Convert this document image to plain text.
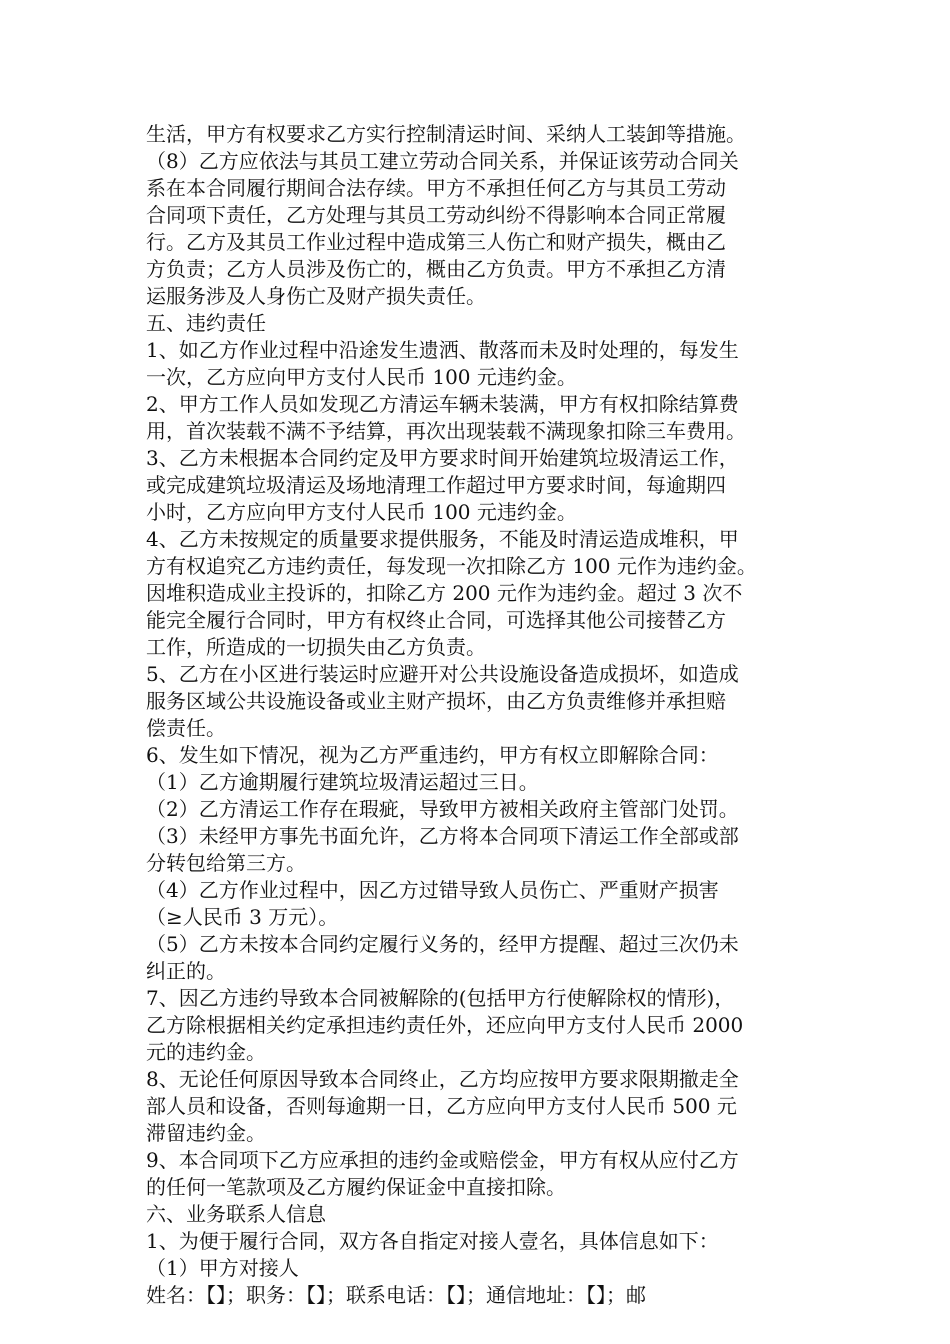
生活，甲方有权要求乙方实行控制清运时间、采纳人工装卸等措施。
（8）乙方应依法与其员工建立劳动合同关系，并保证该劳动合同关
系在本合同履行期间合法存续。甲方不承担任何乙方与其员工劳动
合同项下责任，乙方处理与其员工劳动纠纷不得影响本合同正常履
行。乙方及其员工作业过程中造成第三人伤亡和财产损失，概由乙
方负责；乙方人员涉及伤亡的，概由乙方负责。甲方不承担乙方清
运服务涉及人身伤亡及财产损失责任。
五、违约责任
1、如乙方作业过程中沿途发生遗洒、散落而未及时处理的，每发生
一次，乙方应向甲方支付人民币 100 元违约金。
2、甲方工作人员如发现乙方清运车辆未装满，甲方有权扣除结算费
用，首次装载不满不予结算，再次出现装载不满现象扣除三车费用。
3、乙方未根据本合同约定及甲方要求时间开始建筑垃圾清运工作，
或完成建筑垃圾清运及场地清理工作超过甲方要求时间，每逾期四
小时，乙方应向甲方支付人民币 100 元违约金。
4、乙方未按规定的质量要求提供服务，不能及时清运造成堆积，甲
方有权追究乙方违约责任，每发现一次扣除乙方 100 元作为违约金。
因堆积造成业主投诉的，扣除乙方 200 元作为违约金。超过 3 次不
能完全履行合同时，甲方有权终止合同，可选择其他公司接替乙方
工作，所造成的一切损失由乙方负责。
5、乙方在小区进行装运时应避开对公共设施设备造成损坏，如造成
服务区域公共设施设备或业主财产损坏，由乙方负责维修并承担赔
偿责任。
6、发生如下情况，视为乙方严重违约，甲方有权立即解除合同：
（1）乙方逾期履行建筑垃圾清运超过三日。
（2）乙方清运工作存在瑕疵，导致甲方被相关政府主管部门处罚。
（3）未经甲方事先书面允许，乙方将本合同项下清运工作全部或部
分转包给第三方。
（4）乙方作业过程中，因乙方过错导致人员伤亡、严重财产损害
（≥人民币 3 万元）。
（5）乙方未按本合同约定履行义务的，经甲方提醒、超过三次仍未
纠正的。
7、因乙方违约导致本合同被解除的(包括甲方行使解除权的情形)，
乙方除根据相关约定承担违约责任外，还应向甲方支付人民币 2000
元的违约金。
8、无论任何原因导致本合同终止，乙方均应按甲方要求限期撤走全
部人员和设备，否则每逾期一日，乙方应向甲方支付人民币 500 元
滞留违约金。
9、本合同项下乙方应承担的违约金或赔偿金，甲方有权从应付乙方
的任何一笔款项及乙方履约保证金中直接扣除。
六、业务联系人信息
1、为便于履行合同，双方各自指定对接人壹名，具体信息如下：
（1）甲方对接人
姓名：【】；职务：【】；联系电话：【】；通信地址：【】；邮
